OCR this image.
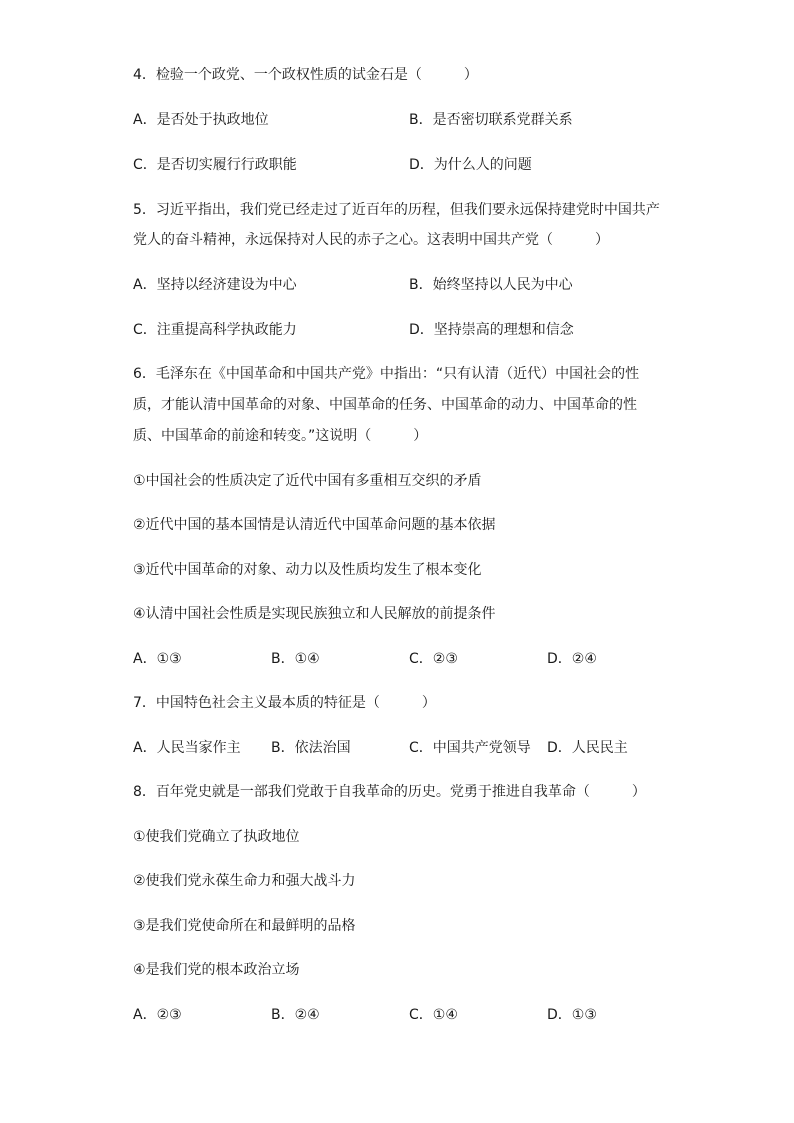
4．检验一个政党、一个政权性质的试金石是（　　　）
A．是否处于执政地位	B．是否密切联系党群关系
C．是否切实履行行政职能	D．为什么人的问题
5．习近平指出，我们党已经走过了近百年的历程，但我们要永远保持建党时中国共产
党人的奋斗精神，永远保持对人民的赤子之心。这表明中国共产党（　　　）
A．坚持以经济建设为中心	B．始终坚持以人民为中心
C．注重提高科学执政能力	D．坚持崇高的理想和信念
6．毛泽东在《中国革命和中国共产党》中指出：“只有认清（近代）中国社会的性
质，才能认清中国革命的对象、中国革命的任务、中国革命的动力、中国革命的性
质、中国革命的前途和转变。”这说明（　　　）
①中国社会的性质决定了近代中国有多重相互交织的矛盾
②近代中国的基本国情是认清近代中国革命问题的基本依据
③近代中国革命的对象、动力以及性质均发生了根本变化
④认清中国社会性质是实现民族独立和人民解放的前提条件
A．①③	B．①④	C．②③	D．②④
7．中国特色社会主义最本质的特征是（　　　）
A．人民当家作主 B．依法治国	C．中国共产党领导 D．人民民主
8．百年党史就是一部我们党敢于自我革命的历史。党勇于推进自我革命（　　　）
①使我们党确立了执政地位
②使我们党永葆生命力和强大战斗力
③是我们党使命所在和最鲜明的品格
④是我们党的根本政治立场
A．②③	B．②④	C．①④	D．①③
